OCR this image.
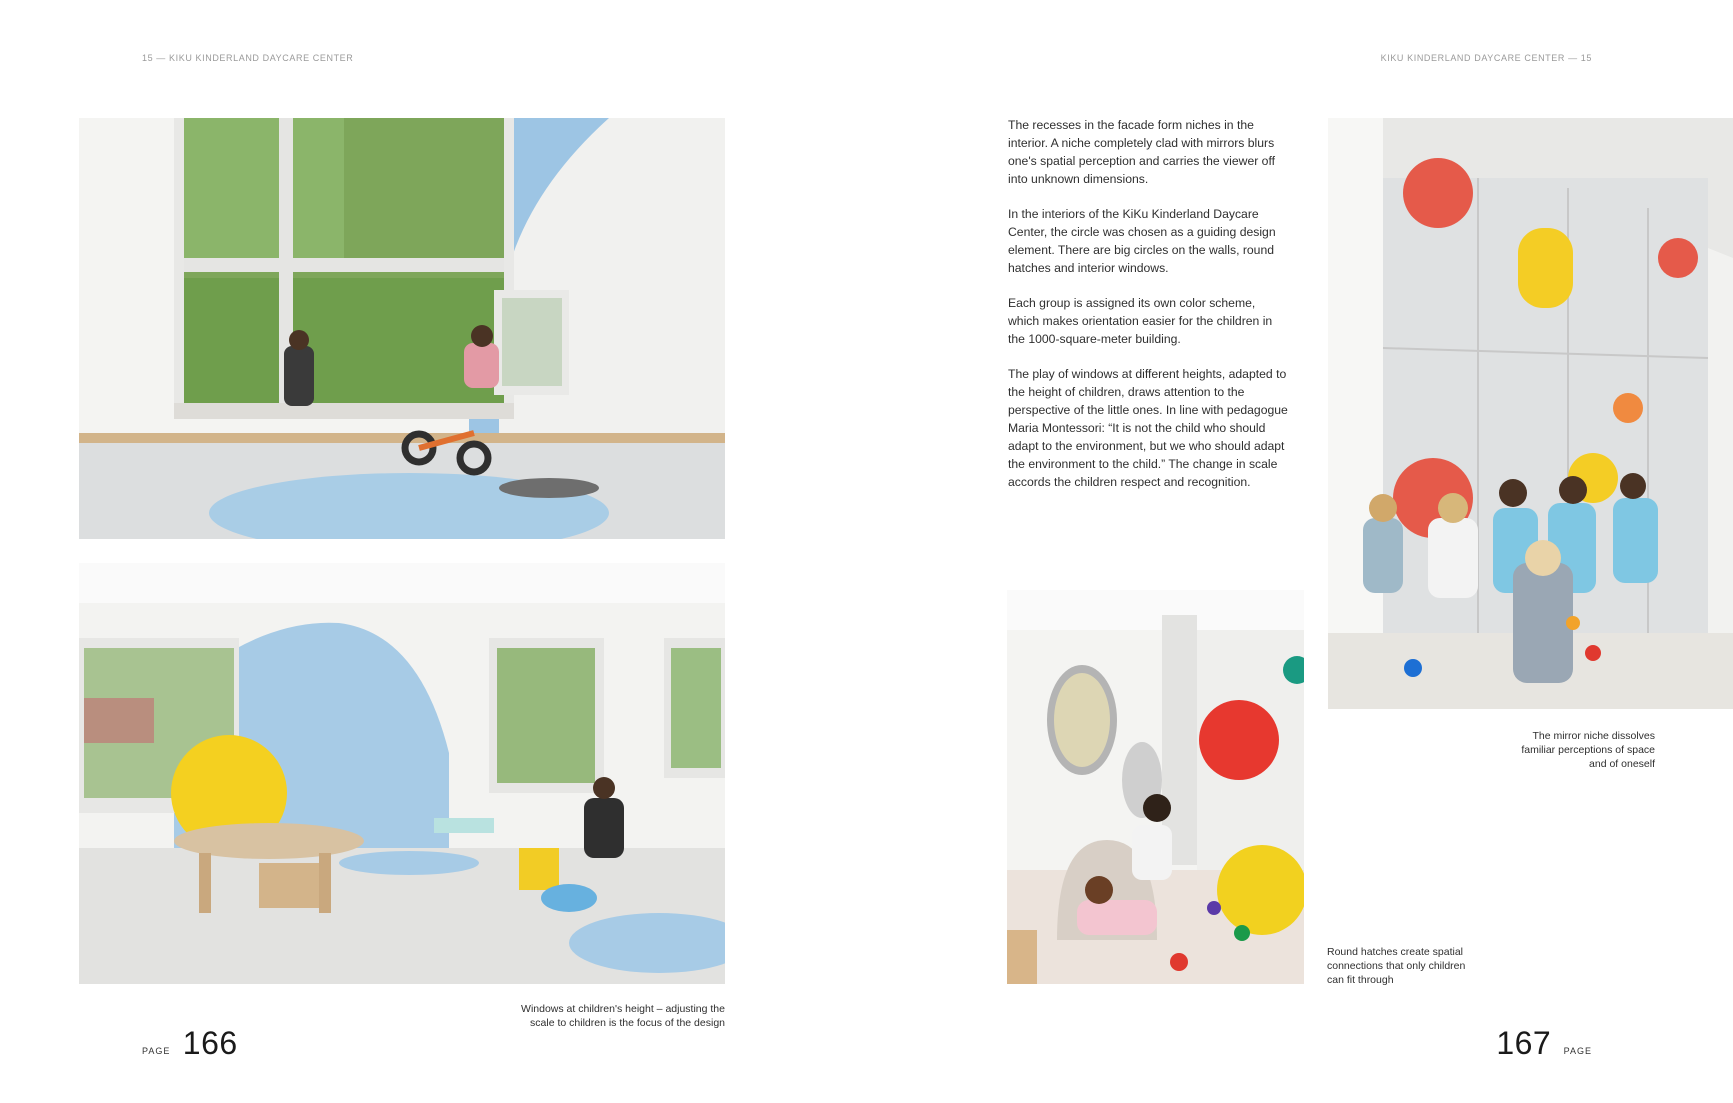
15 — KIKU KINDERLAND DAYCARE CENTER	KIKU KINDERLAND DAYCARE CENTER — 15

The recesses in the facade form niches in the interior. A niche completely clad with mirrors blurs one's spatial perception and carries the viewer off into unknown dimensions.

In the interiors of the KiKu Kinderland Daycare Center, the circle was chosen as a guiding design element. There are big circles on the walls, round hatches and interior windows.

Each group is assigned its own color scheme, which makes orientation easier for the children in the 1000-square-meter building.

The play of windows at different heights, adapted to the height of children, draws attention to the perspective of the little ones. In line with pedagogue Maria Montessori: “It is not the child who should adapt to the environment, but we who should adapt the environment to the child.” The change in scale accords the children respect and recognition.

Windows at children's height – adjusting the scale to children is the focus of the design
The mirror niche dissolves familiar perceptions of space and of oneself
Round hatches create spatial connections that only children can fit through
PAGE 166	167 PAGE
